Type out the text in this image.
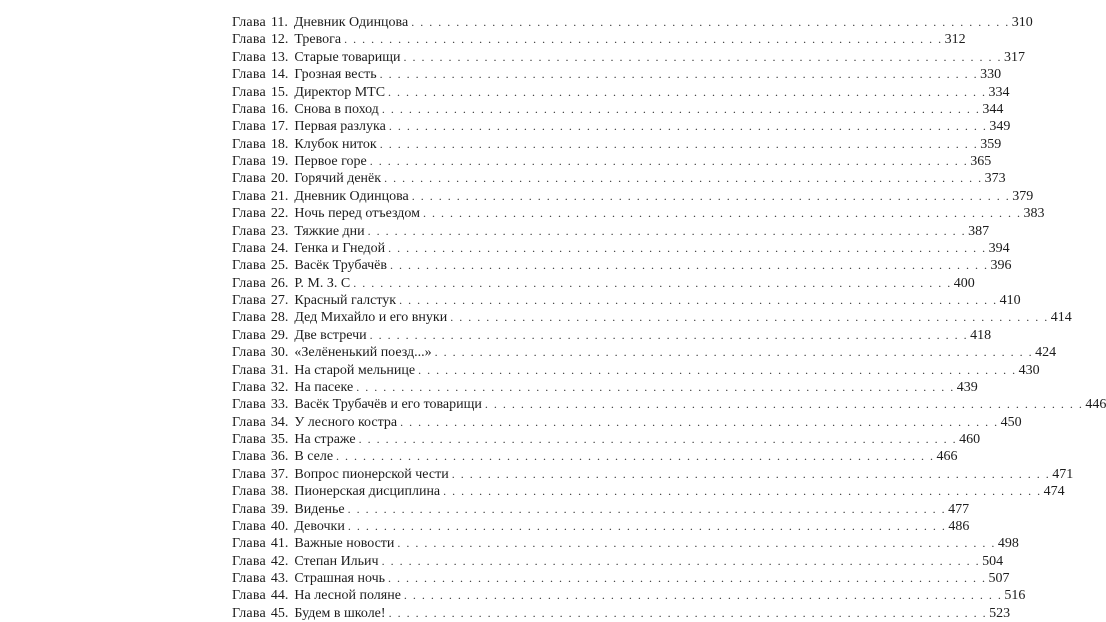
Глава 11. Дневник Одинцова . . .	310
Глава 12. Тревога . . .	312
Глава 13. Старые товарищи . . .	317
Глава 14. Грозная весть . . .	330
Глава 15. Директор МТС . . .	334
Глава 16. Снова в поход . . .	344
Глава 17. Первая разлука . . .	349
Глава 18. Клубок ниток . . .	359
Глава 19. Первое горе . . .	365
Глава 20. Горячий денёк . . .	373
Глава 21. Дневник Одинцова . . .	379
Глава 22. Ночь перед отъездом . . .	383
Глава 23. Тяжкие дни . . .	387
Глава 24. Генка и Гнедой . . .	394
Глава 25. Васёк Трубачёв . . .	396
Глава 26. Р. М. З. С . . .	400
Глава 27. Красный галстук . . .	410
Глава 28. Дед Михайло и его внуки . . .	414
Глава 29. Две встречи . . .	418
Глава 30. «Зелёненький поезд...» . . .	424
Глава 31. На старой мельнице . . .	430
Глава 32. На пасеке . . .	439
Глава 33. Васёк Трубачёв и его товарищи . . .	446
Глава 34. У лесного костра . . .	450
Глава 35. На страже . . .	460
Глава 36. В селе . . .	466
Глава 37. Вопрос пионерской чести . . .	471
Глава 38. Пионерская дисциплина . . .	474
Глава 39. Виденье . . .	477
Глава 40. Девочки . . .	486
Глава 41. Важные новости . . .	498
Глава 42. Степан Ильич . . .	504
Глава 43. Страшная ночь . . .	507
Глава 44. На лесной поляне . . .	516
Глава 45. Будем в школе! . . .	523
